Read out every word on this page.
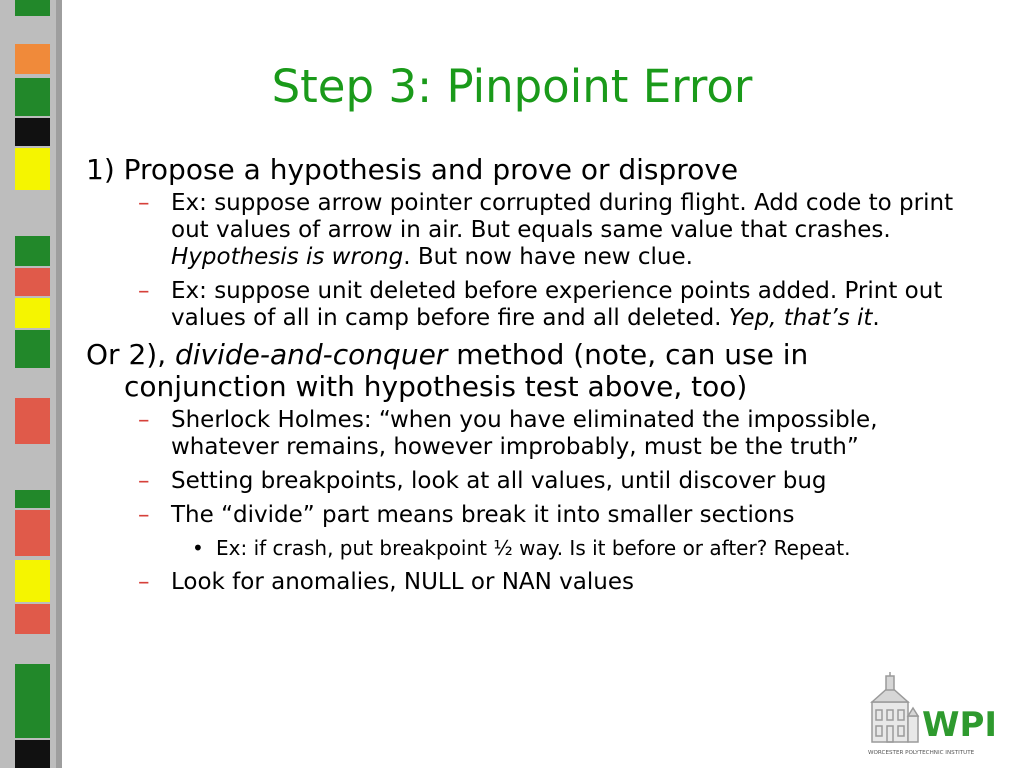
Step 3: Pinpoint Error
1) Propose a hypothesis and prove or disprove
– Ex: suppose arrow pointer corrupted during flight. Add code to print out values of arrow in air. But equals same value that crashes. Hypothesis is wrong. But now have new clue.
– Ex: suppose unit deleted before experience points added. Print out values of all in camp before fire and all deleted. Yep, that’s it.
Or 2), divide-and-conquer method (note, can use in conjunction with hypothesis test above, too)
– Sherlock Holmes: “when you have eliminated the impossible, whatever remains, however improbably, must be the truth”
– Setting breakpoints, look at all values, until discover bug
– The “divide” part means break it into smaller sections
• Ex: if crash, put breakpoint ½ way. Is it before or after? Repeat.
– Look for anomalies, NULL or NAN values
WPI
WORCESTER POLYTECHNIC INSTITUTE
